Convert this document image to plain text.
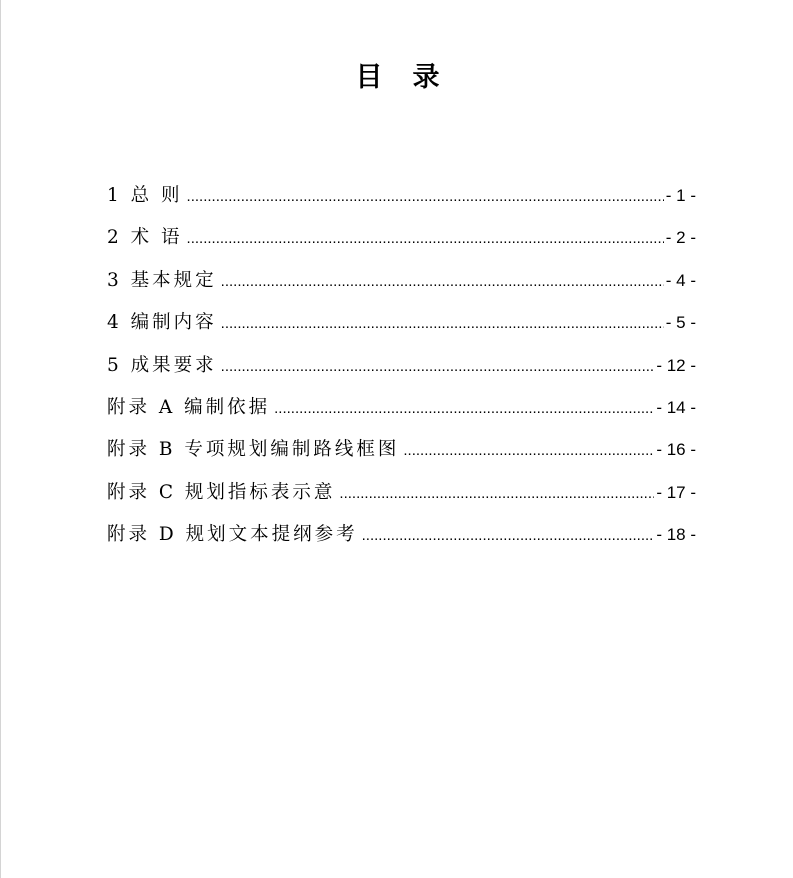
目 录
1 总 则 .....	- 1 -
2 术 语 .....	- 2 -
3 基本规定 .....	- 4 -
4 编制内容 .....	- 5 -
5 成果要求 .....	- 12 -
附录 A 编制依据 .....	- 14 -
附录 B 专项规划编制路线框图 .....	- 16 -
附录 C 规划指标表示意 .....	- 17 -
附录 D 规划文本提纲参考 .....	- 18 -
